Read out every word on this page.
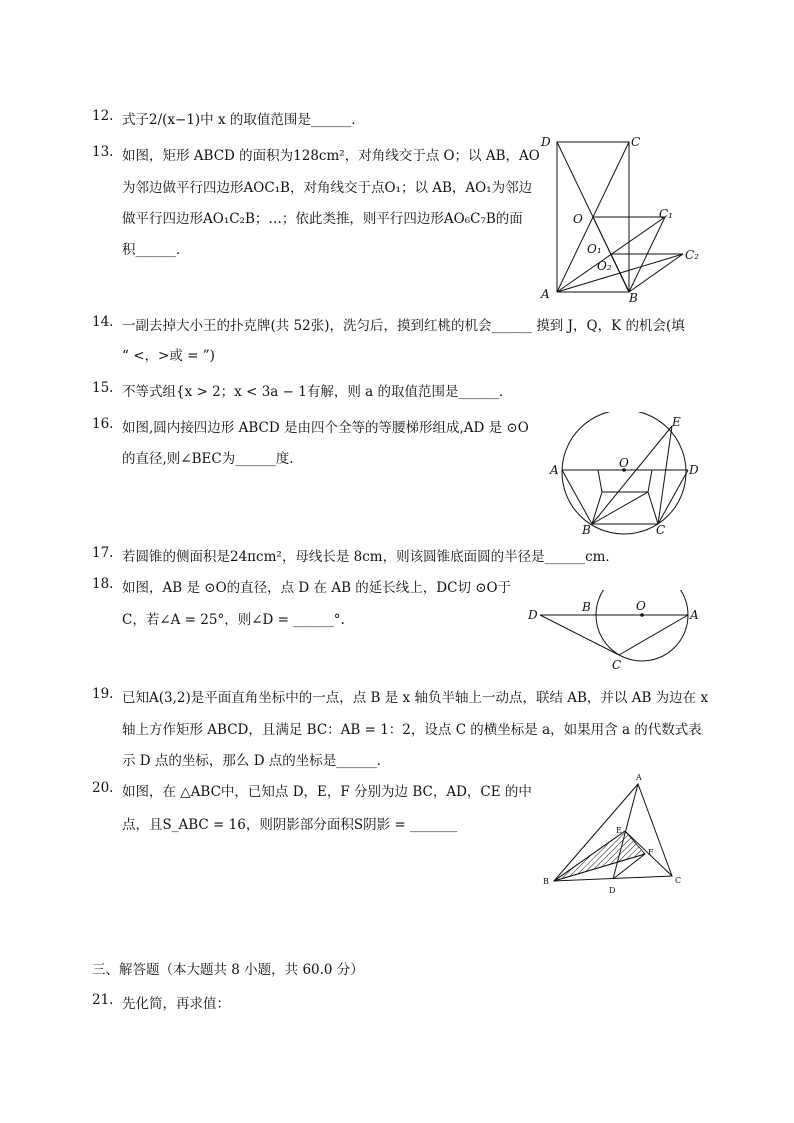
12. 式子2/(x−1)中 x 的取值范围是______．
13. 如图，矩形 ABCD 的面积为128cm²，对角线交于点 O；以 AB，AO
为邻边做平行四边形AOC₁B，对角线交于点O₁；以 AB，AO₁为邻边
做平行四边形AO₁C₂B；…；依此类推，则平行四边形AO₆C₇B的面
积______．
D	C
O	C₁
O₁
O₂
C₂
A	B
14. 一副去掉大小王的扑克牌(共 52张)，洗匀后，摸到红桃的机会______ 摸到 J，Q，K 的机会(填
“ <，>或 = ”)
15. 不等式组{x > 2；x < 3a − 1有解，则 a 的取值范围是______．
16. 如图,圆内接四边形 ABCD 是由四个全等的等腰梯形组成,AD 是 ⊙O
的直径,则∠BEC为______度.
A	D
O
E
B	C
17. 若圆锥的侧面积是24πcm²，母线长是 8cm，则该圆锥底面圆的半径是______cm．
18. 如图，AB 是 ⊙O的直径，点 D 在 AB 的延长线上，DC切 ⊙O于
C，若∠A = 25°，则∠D = ______°.	D
B	O
A
C
19. 已知A(3,2)是平面直角坐标中的一点，点 B 是 x 轴负半轴上一动点，联结 AB，并以 AB 为边在 x
轴上方作矩形 ABCD，且满足 BC：AB = 1：2，设点 C 的横坐标是 a，如果用含 a 的代数式表
示 D 点的坐标，那么 D 点的坐标是______．
20. 如图，在 △ABC中，已知点 D，E，F 分别为边 BC，AD，CE 的中
点，且S_ABC = 16，则阴影部分面积S阴影 = _______
A
E
F
B	C
D
三、解答题（本大题共 8 小题，共 60.0 分）
21. 先化简，再求值：
